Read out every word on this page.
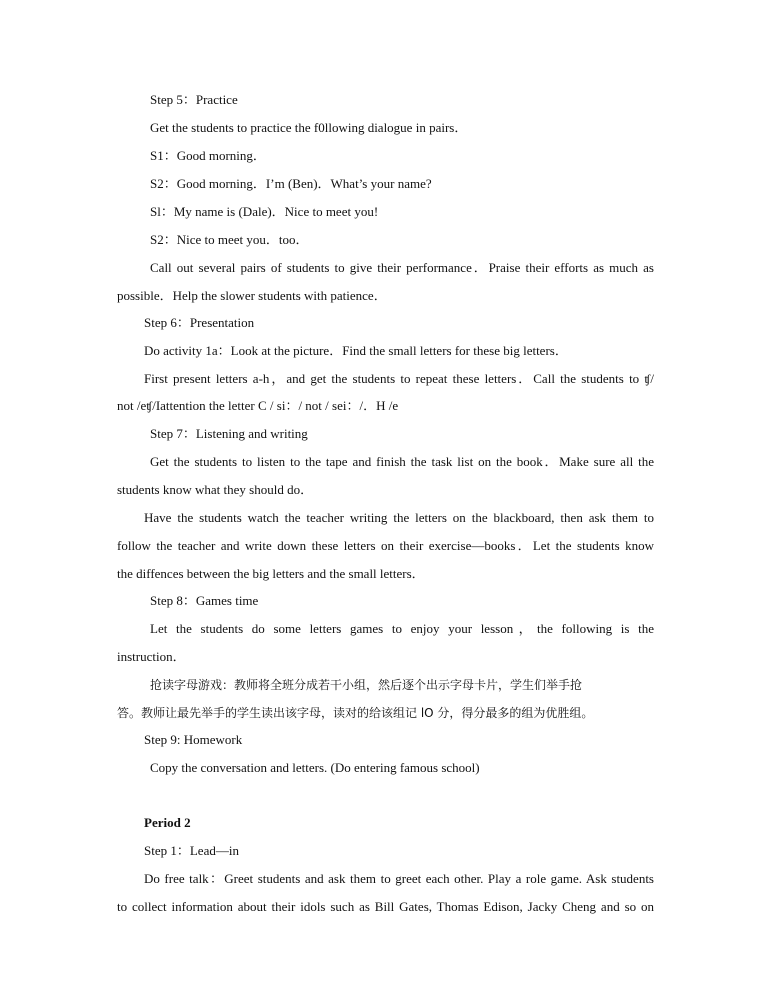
Step 5：Practice
Get the students to practice the f0llowing dialogue in pairs．
S1：Good morning．
S2：Good morning．I’m (Ben)．What’s your name?
Sl：My name is (Dale)．Nice to meet you!
S2：Nice to meet you．too．
Call out several pairs of students to give their performance．Praise their efforts as much as
possible．Help the slower students with patience．
Step 6：Presentation
Do activity 1a：Look at the picture．Find the small letters for these big letters．
First present letters a-h，and get the students to repeat these letters．Call the students to ʧ/
not /eʧ/Iattention the letter C / si：/ not / sei：/．H /e
Step 7：Listening and writing
Get the students to listen to the tape and finish the task list on the book．Make sure all the
students know what they should do．
Have the students watch the teacher writing the letters on the blackboard, then ask them to
follow the teacher and write down these letters on their exercise—books．Let the students know
the diffences between the big letters and the small letters．
Step 8：Games time
Let the students do some letters games to enjoy your lesson，the following is the
instruction．
抢读字母游戏：教师将全班分成若干小组，然后逐个出示字母卡片，学生们举手抢
答。教师让最先举手的学生读出该字母，读对的给该组记 lO 分，得分最多的组为优胜组。
Step 9: Homework
Copy the conversation and letters. (Do entering famous school)
Period 2
Step 1：Lead—in
Do free talk：Greet students and ask them to greet each other. Play a role game. Ask students
to collect information about their idols such as Bill Gates, Thomas Edison, Jacky Cheng and so on
